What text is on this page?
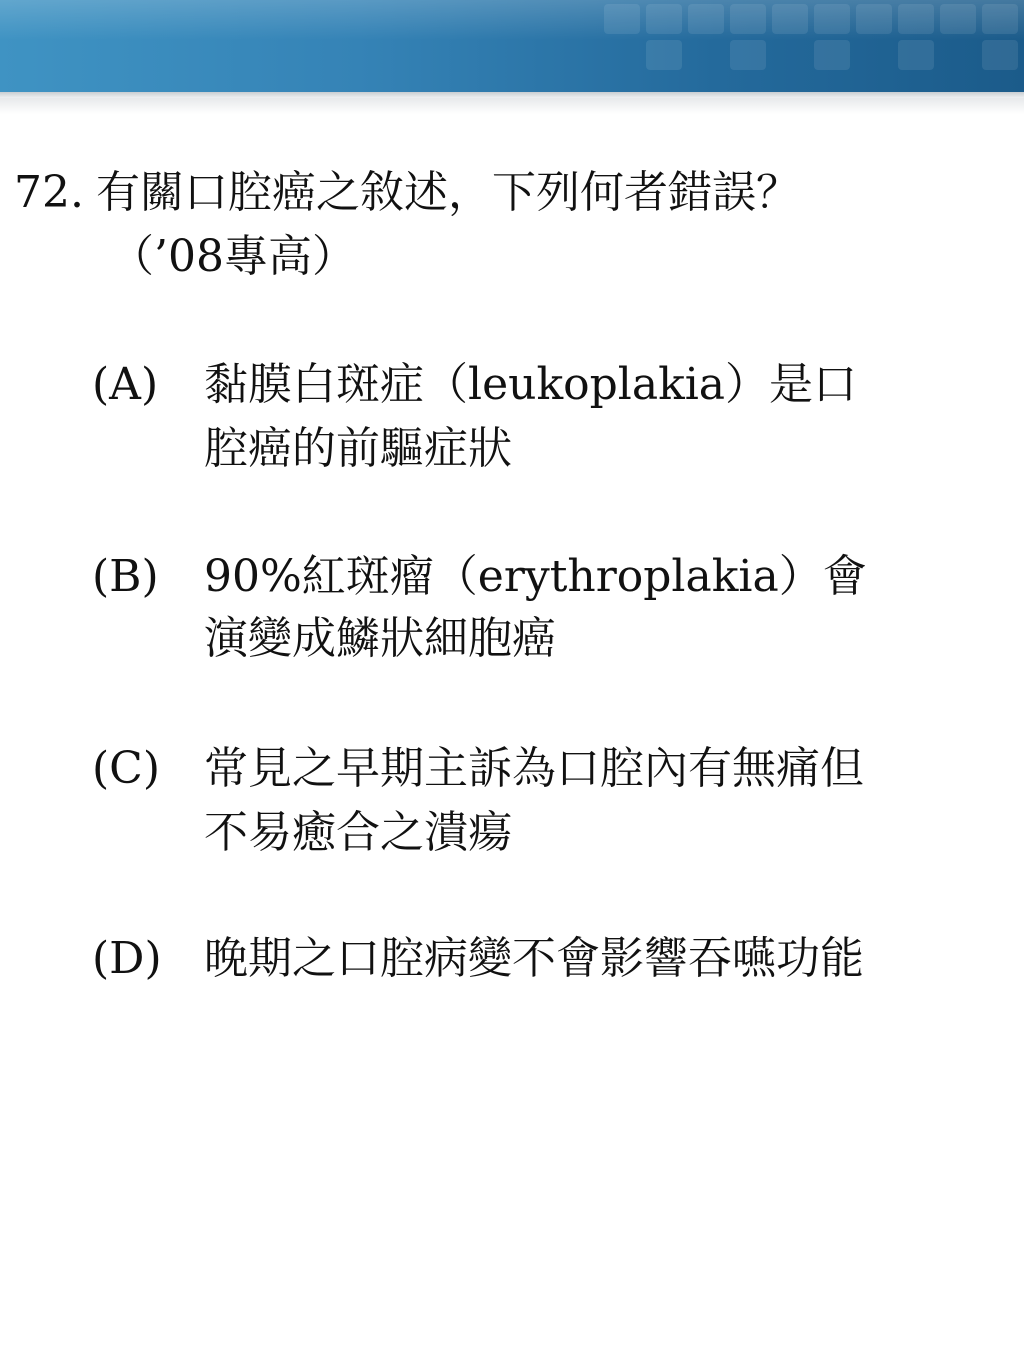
72. 有關口腔癌之敘述，下列何者錯誤？
（’08專高）
(A) 黏膜白斑症（leukoplakia）是口
腔癌的前驅症狀
(B) 90%紅斑瘤（erythroplakia）會
演變成鱗狀細胞癌
(C) 常見之早期主訴為口腔內有無痛但
不易癒合之潰瘍
(D) 晚期之口腔病變不會影響吞嚥功能
